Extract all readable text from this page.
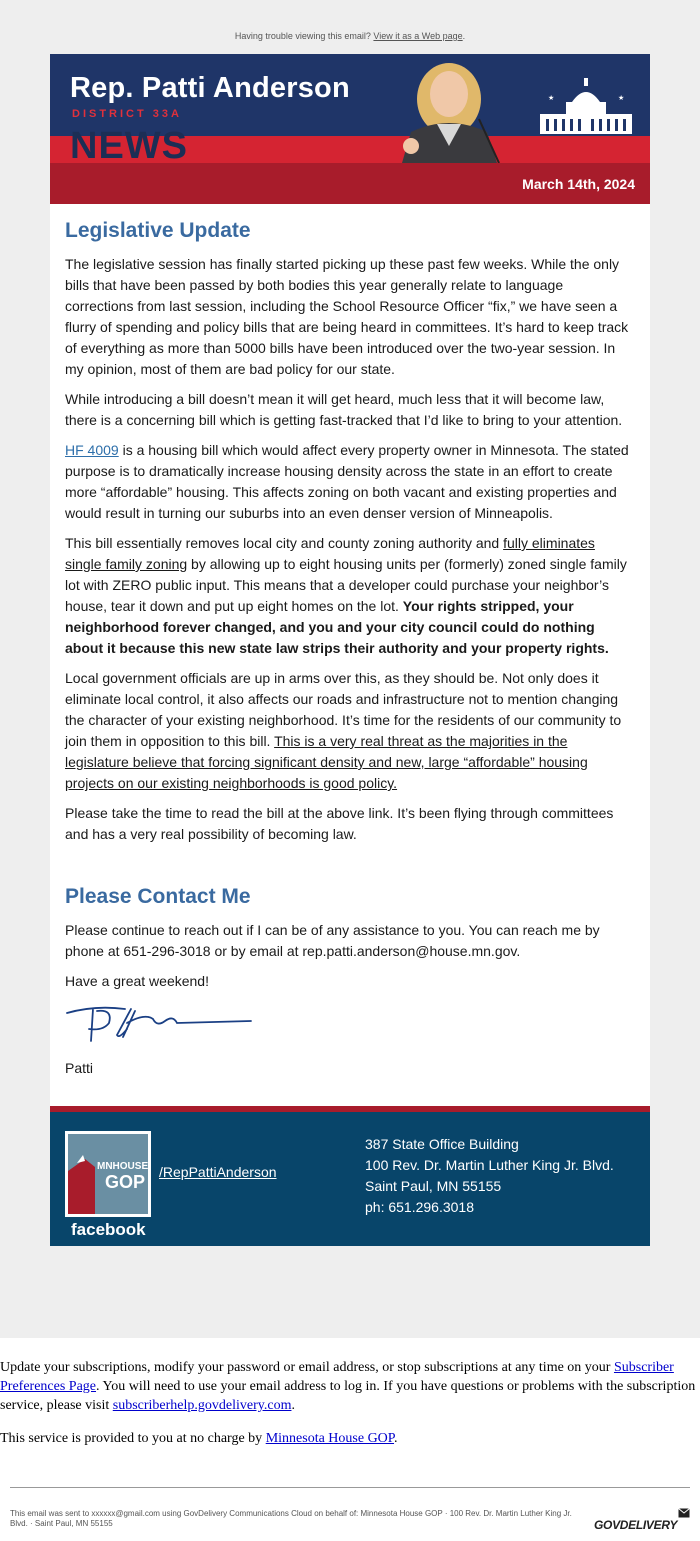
Having trouble viewing this email? View it as a Web page.
Rep. Patti Anderson
DISTRICT 33A
NEWS
★	★
March 14th, 2024
Legislative Update

The legislative session has finally started picking up these past few weeks. While the only bills that have been passed by both bodies this year generally relate to language corrections from last session, including the School Resource Officer “fix,” we have seen a flurry of spending and policy bills that are being heard in committees. It’s hard to keep track of everything as more than 5000 bills have been introduced over the two-year session. In my opinion, most of them are bad policy for our state.

While introducing a bill doesn’t mean it will get heard, much less that it will become law, there is a concerning bill which is getting fast-tracked that I’d like to bring to your attention.

HF 4009 is a housing bill which would affect every property owner in Minnesota. The stated purpose is to dramatically increase housing density across the state in an effort to create more “affordable” housing. This affects zoning on both vacant and existing properties and would result in turning our suburbs into an even denser version of Minneapolis.

This bill essentially removes local city and county zoning authority and fully eliminates single family zoning by allowing up to eight housing units per (formerly) zoned single family lot with ZERO public input. This means that a developer could purchase your neighbor’s house, tear it down and put up eight homes on the lot. Your rights stripped, your neighborhood forever changed, and you and your city council could do nothing about it because this new state law strips their authority and your property rights.

Local government officials are up in arms over this, as they should be. Not only does it eliminate local control, it also affects our roads and infrastructure not to mention changing the character of your existing neighborhood. It’s time for the residents of our community to join them in opposition to this bill. This is a very real threat as the majorities in the legislature believe that forcing significant density and new, large “affordable” housing projects on our existing neighborhoods is good policy.

Please take the time to read the bill at the above link. It’s been flying through committees and has a very real possibility of becoming law.

Please Contact Me

Please continue to reach out if I can be of any assistance to you. You can reach me by phone at 651-296-3018 or by email at rep.patti.anderson@house.mn.gov.

Have a great weekend!

Patti

MNHOUSE
GOP
facebook
/RepPattiAnderson
387 State Office Building
100 Rev. Dr. Martin Luther King Jr. Blvd.
Saint Paul, MN 55155
ph: 651.296.3018

Update your subscriptions, modify your password or email address, or stop subscriptions at any time on your Subscriber Preferences Page. You will need to use your email address to log in. If you have questions or problems with the subscription service, please visit subscriberhelp.govdelivery.com.

This service is provided to you at no charge by Minnesota House GOP.

This email was sent to xxxxxx@gmail.com using GovDelivery Communications Cloud on behalf of: Minnesota House GOP · 100 Rev. Dr. Martin Luther King Jr. Blvd. · Saint Paul, MN 55155	GOVDELIVERY
